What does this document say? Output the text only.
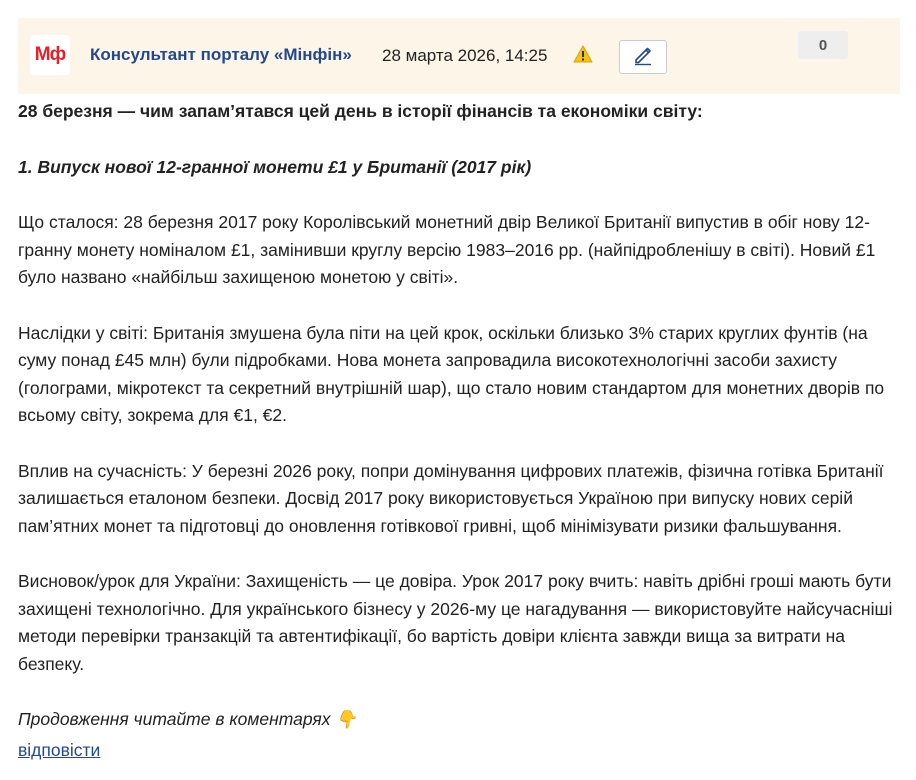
Мф Консультант порталу «Мінфін» 28 марта 2026, 14:25
0

28 березня — чим запам’ятався цей день в історії фінансів та економіки світу:

1. Випуск нової 12-гранної монети £1 у Британії (2017 рік)

Що сталося: 28 березня 2017 року Королівський монетний двір Великої Британії випустив в обіг нову 12-гранну монету номіналом £1, замінивши круглу версію 1983–2016 рр. (найпідробленішу в світі). Новий £1 було названо «найбільш захищеною монетою у світі».

Наслідки у світі: Британія змушена була піти на цей крок, оскільки близько 3% старих круглих фунтів (на суму понад £45 млн) були підробками. Нова монета запровадила високотехнологічні засоби захисту (голограми, мікротекст та секретний внутрішній шар), що стало новим стандартом для монетних дворів по всьому світу, зокрема для €1, €2.

Вплив на сучасність: У березні 2026 року, попри домінування цифрових платежів, фізична готівка Британії залишається еталоном безпеки. Досвід 2017 року використовується Україною при випуску нових серій пам’ятних монет та підготовці до оновлення готівкової гривні, щоб мінімізувати ризики фальшування.

Висновок/урок для України: Захищеність — це довіра. Урок 2017 року вчить: навіть дрібні гроші мають бути захищені технологічно. Для українського бізнесу у 2026-му це нагадування — використовуйте найсучасніші методи перевірки транзакцій та автентифікації, бо вартість довіри клієнта завжди вища за витрати на безпеку.

Продовження читайте в коментарях 👇

відповісти
